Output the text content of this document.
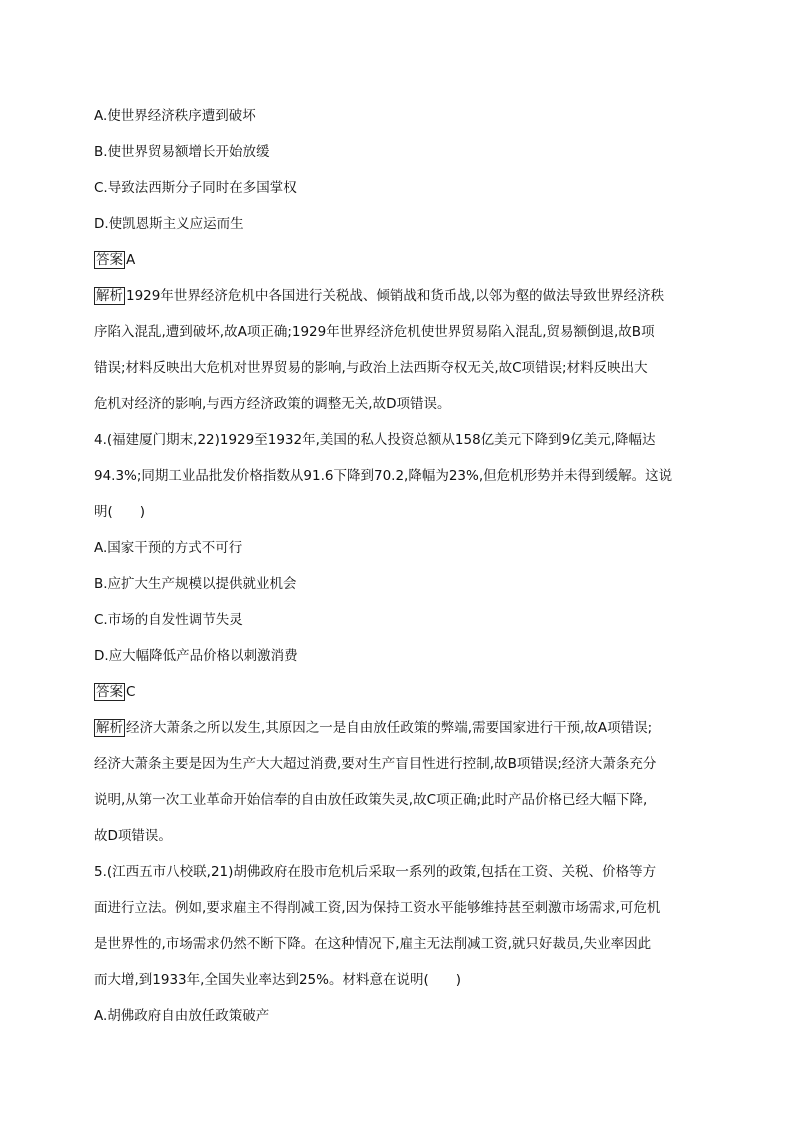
A.使世界经济秩序遭到破坏
B.使世界贸易额增长开始放缓
C.导致法西斯分子同时在多国掌权
D.使凯恩斯主义应运而生
答案 A
解析 1929年世界经济危机中各国进行关税战、倾销战和货币战,以邻为壑的做法导致世界经济秩
序陷入混乱,遭到破坏,故A项正确;1929年世界经济危机使世界贸易陷入混乱,贸易额倒退,故B项
错误;材料反映出大危机对世界贸易的影响,与政治上法西斯夺权无关,故C项错误;材料反映出大
危机对经济的影响,与西方经济政策的调整无关,故D项错误。
4.(福建厦门期末,22)1929至1932年,美国的私人投资总额从158亿美元下降到9亿美元,降幅达
94.3%;同期工业品批发价格指数从91.6下降到70.2,降幅为23%,但危机形势并未得到缓解。这说
明(　　)
A.国家干预的方式不可行
B.应扩大生产规模以提供就业机会
C.市场的自发性调节失灵
D.应大幅降低产品价格以刺激消费
答案 C
解析 经济大萧条之所以发生,其原因之一是自由放任政策的弊端,需要国家进行干预,故A项错误;
经济大萧条主要是因为生产大大超过消费,要对生产盲目性进行控制,故B项错误;经济大萧条充分
说明,从第一次工业革命开始信奉的自由放任政策失灵,故C项正确;此时产品价格已经大幅下降,
故D项错误。
5.(江西五市八校联,21)胡佛政府在股市危机后采取一系列的政策,包括在工资、关税、价格等方
面进行立法。例如,要求雇主不得削减工资,因为保持工资水平能够维持甚至刺激市场需求,可危机
是世界性的,市场需求仍然不断下降。在这种情况下,雇主无法削减工资,就只好裁员,失业率因此
而大增,到1933年,全国失业率达到25%。材料意在说明(　　)
A.胡佛政府自由放任政策破产
